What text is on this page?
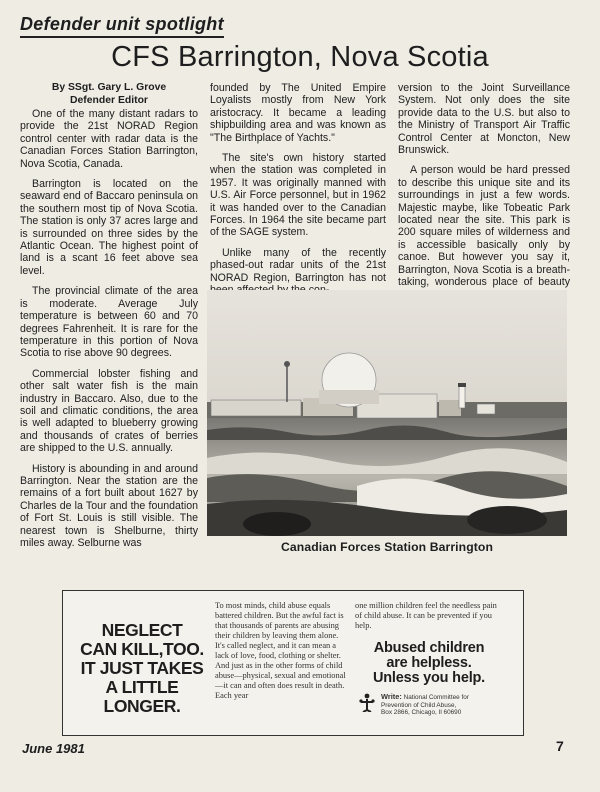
Defender unit spotlight
CFS Barrington, Nova Scotia
By SSgt. Gary L. Grove
Defender Editor

One of the many distant radars to provide the 21st NORAD Region control center with radar data is the Canadian Forces Station Barrington, Nova Scotia, Canada.

Barrington is located on the seaward end of Baccaro peninsula on the southern most tip of Nova Scotia. The station is only 37 acres large and is surrounded on three sides by the Atlantic Ocean. The highest point of land is a scant 16 feet above sea level.

The provincial climate of the area is moderate. Average July temperature is between 60 and 70 degrees Fahrenheit. It is rare for the temperature in this portion of Nova Scotia to rise above 90 degrees.

Commercial lobster fishing and other salt water fish is the main industry in Baccaro. Also, due to the soil and climatic conditions, the area is well adapted to blueberry growing and thousands of crates of berries are shipped to the U.S. annually.

History is abounding in and around Barrington. Near the station are the remains of a fort built about 1627 by Charles de la Tour and the foundation of Fort St. Louis is still visible. The nearest town is Shelburne, thirty miles away. Selburne was

founded by The United Empire Loyalists mostly from New York aristocracy. It became a leading shipbuilding area and was known as "The Birthplace of Yachts."

The site's own history started when the station was completed in 1957. It was originally manned with U.S. Air Force personnel, but in 1962 it was handed over to the Canadian Forces. In 1964 the site became part of the SAGE system.

Unlike many of the recently phased-out radar units of the 21st NORAD Region, Barrington has not

version to the Joint Surveillance System. Not only does the site provide data to the U.S. but also to the Ministry of Transport Air Traffic Control Center at Moncton, New Brunswick.

A person would be hard pressed to describe this unique site and its surroundings in just a few words. Majestic maybe, like Tobeatic Park located near the site. This park is 200 square miles of wilderness and is accessible basically only by canoe. But however you say it, Barrington, Nova Scotia is a breath-taking, wonderous place of beauty

Canadian Forces Station Barrington
NEGLECT
CAN KILL,TOO.
IT JUST TAKES
A LITTLE
LONGER.
To most minds, child abuse equals battered children. But the awful fact is that thousands of parents are abusing their children by leaving them alone. It's called neglect, and it can mean a lack of love, food, clothing or shelter. And just as in the other forms of child abuse—physical, sexual and emotional—it can and often does result in death. Each year
one million children feel the needless pain of child abuse. It can be prevented if you help.
Abused children
are helpless.
Unless you help.
Write: National Committee for
Prevention of Child Abuse,
Box 2866, Chicago, Il 60690
June 1981	7
